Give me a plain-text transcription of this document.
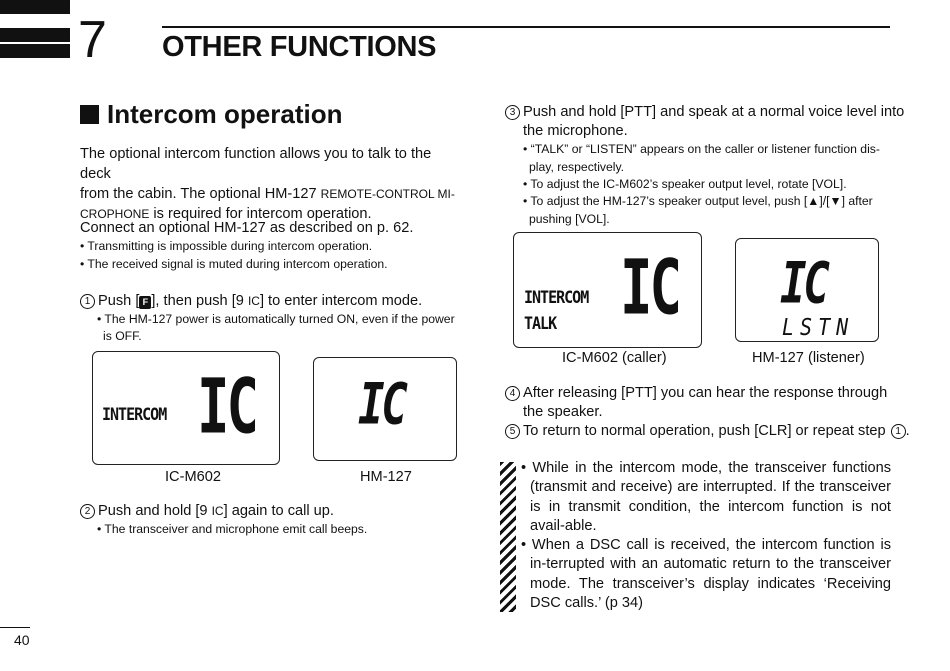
7 OTHER FUNCTIONS
Intercom operation
The optional intercom function allows you to talk to the deck
from the cabin. The optional HM-127 REMOTE-CONTROL MI-
CROPHONE is required for intercom operation.
Connect an optional HM-127 as described on p. 62.
• Transmitting is impossible during intercom operation.
• The received signal is muted during intercom operation.
1 Push [ F ], then push [9 IC] to enter intercom mode.
• The HM-127 power is automatically turned ON, even if the power
is OFF.
INTERCOM IC IC
IC-M602	HM-127
2 Push and hold [9 IC] again to call up.
• The transceiver and microphone emit call beeps.
3 Push and hold [PTT] and speak at a normal voice level into
the microphone.
• “TALK” or “LISTEN” appears on the caller or listener function dis-
play, respectively.
• To adjust the IC-M602’s speaker output level, rotate [VOL].
• To adjust the HM-127’s speaker output level, push [▲]/[▼] after
pushing [VOL].
INTERCOM
TALK IC IC
LSTN
IC-M602 (caller)	HM-127 (listener)
4 After releasing [PTT] you can hear the response through
the speaker.
5 To return to normal operation, push [CLR] or repeat step 1 .
• While in the intercom mode, the transceiver functions (transmit and receive) are interrupted. If the transceiver is in transmit condition, the intercom function is not avail-able.
• When a DSC call is received, the intercom function is in-terrupted with an automatic return to the transceiver mode. The transceiver’s display indicates ‘Receiving DSC calls.’ (p 34)
40
